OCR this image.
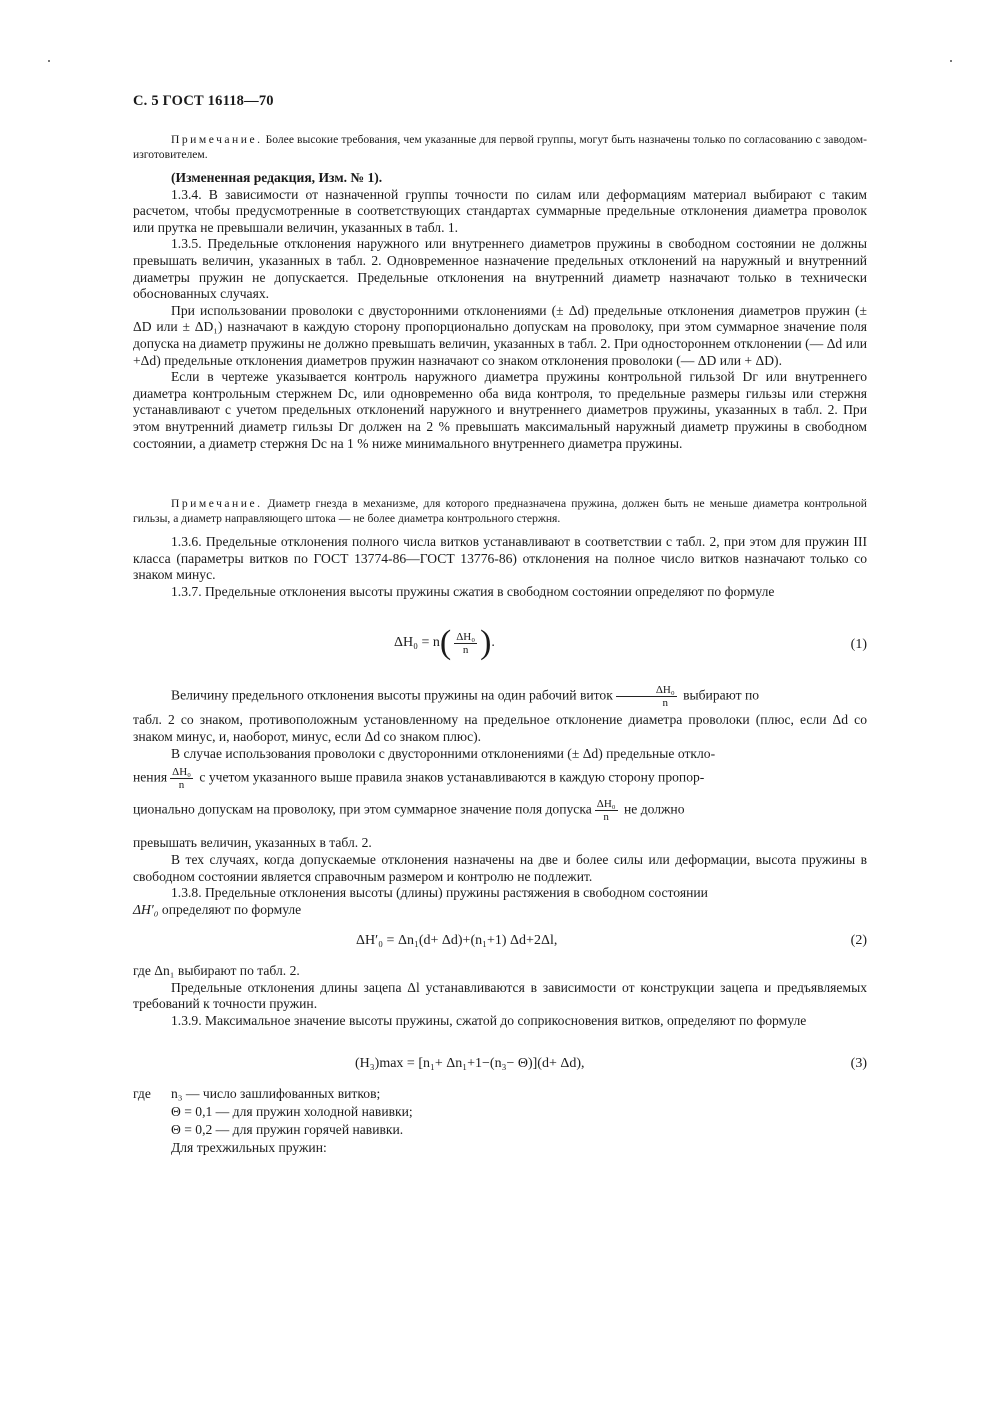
С. 5 ГОСТ 16118—70

Примечание. Более высокие требования, чем указанные для первой группы, могут быть назначены только по согласованию с заводом-изготовителем.

(Измененная редакция, Изм. № 1).

1.3.4. В зависимости от назначенной группы точности по силам или деформациям материал выбирают с таким расчетом, чтобы предусмотренные в соответствующих стандартах суммарные предельные отклонения диаметра проволок или прутка не превышали величин, указанных в табл. 1.

1.3.5. Предельные отклонения наружного или внутреннего диаметров пружины в свободном состоянии не должны превышать величин, указанных в табл. 2. Одновременное назначение предельных отклонений на наружный и внутренний диаметры пружин не допускается. Предельные отклонения на внутренний диаметр назначают только в технически обоснованных случаях.

При использовании проволоки с двусторонними отклонениями (± Δd) предельные отклонения диаметров пружин (± ΔD или ± ΔD₁) назначают в каждую сторону пропорционально допускам на проволоку, при этом суммарное значение поля допуска на диаметр пружины не должно превышать величин, указанных в табл. 2. При одностороннем отклонении (— Δd или +Δd) предельные отклонения диаметров пружин назначают со знаком отклонения проволоки (— ΔD или + ΔD).

Если в чертеже указывается контроль наружного диаметра пружины контрольной гильзой Dг или внутреннего диаметра контрольным стержнем Dс, или одновременно оба вида контроля, то предельные размеры гильзы или стержня устанавливают с учетом предельных отклонений наружного и внутреннего диаметров пружины, указанных в табл. 2. При этом внутренний диаметр гильзы Dг должен на 2 % превышать максимальный наружный диаметр пружины в свободном состоянии, а диаметр стержня Dс на 1 % ниже минимального внутреннего диаметра пружины.

Примечание. Диаметр гнезда в механизме, для которого предназначена пружина, должен быть не меньше диаметра контрольной гильзы, а диаметр направляющего штока — не более диаметра контрольного стержня.

1.3.6. Предельные отклонения полного числа витков устанавливают в соответствии с табл. 2, при этом для пружин III класса (параметры витков по ГОСТ 13774-86—ГОСТ 13776-86) отклонения на полное число витков назначают только со знаком минус.

1.3.7. Предельные отклонения высоты пружины сжатия в свободном состоянии определяют по формуле

$\Delta H_0 = n( \frac{\text{ΔH₀}}{n}$ ).	(1)
Величину предельного отклонения высоты пружины на один рабочий виток $\frac{\text{ΔH₀}}{n}$ выбирают по
табл. 2 со знаком, противоположным установленному на предельное отклонение диаметра проволоки (плюс, если Δd со знаком минус, и, наоборот, минус, если Δd со знаком плюс).
В случае использования проволоки с двусторонними отклонениями (± Δd) предельные откло-
нения $\frac{\text{ΔH₀}}{n}$ с учетом указанного выше правила знаков устанавливаются в каждую сторону пропор-
ционально допускам на проволоку, при этом суммарное значение поля допуска $\frac{\text{ΔH₀}}{n}$ не должно
превышать величин, указанных в табл. 2.

В тех случаях, когда допускаемые отклонения назначены на две и более силы или деформации, высота пружины в свободном состоянии является справочным размером и контролю не подлежит.

1.3.8. Предельные отклонения высоты (длины) пружины растяжения в свободном состоянии

ΔH′₀ определяют по формуле

ΔH′₀ = Δn₁(d+ Δd)+(n₁+1) Δd+2Δl,	(2)

где Δn₁ выбирают по табл. 2.

Предельные отклонения длины зацепа Δl устанавливаются в зависимости от конструкции зацепа и предъявляемых требований к точности пружин.

1.3.9. Максимальное значение высоты пружины, сжатой до соприкосновения витков, определяют по формуле

(H₃)max = [n₁+ Δn₁+1−(n₃− Θ)](d+ Δd),	(3)
где n₃ — число зашлифованных витков;
Θ = 0,1 — для пружин холодной навивки;
Θ = 0,2 — для пружин горячей навивки.
Для трехжильных пружин:
